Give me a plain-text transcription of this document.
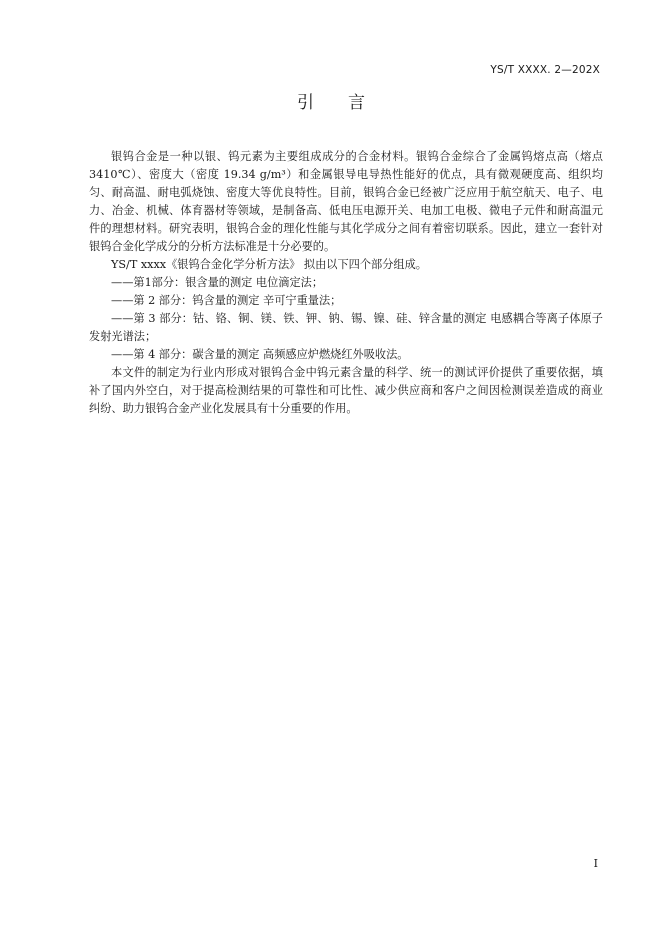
YS/T XXXX. 2—202X
引言

银钨合金是一种以银、钨元素为主要组成成分的合金材料。银钨合金综合了金属钨熔点高（熔点3410℃）、密度大（密度 19.34 g/m³）和金属银导电导热性能好的优点，具有微观硬度高、组织均匀、耐高温、耐电弧烧蚀、密度大等优良特性。目前，银钨合金已经被广泛应用于航空航天、电子、电力、冶金、机械、体育器材等领域，是制备高、低电压电源开关、电加工电极、微电子元件和耐高温元件的理想材料。研究表明，银钨合金的理化性能与其化学成分之间有着密切联系。因此，建立一套针对银钨合金化学成分的分析方法标准是十分必要的。

YS/T xxxx《银钨合金化学分析方法》 拟由以下四个部分组成。

——第1部分：银含量的测定 电位滴定法；

——第 2 部分：钨含量的测定 辛可宁重量法；

——第 3 部分：钴、铬、铜、镁、铁、钾、钠、锡、镍、硅、锌含量的测定 电感耦合等离子体原子发射光谱法；

——第 4 部分：碳含量的测定 高频感应炉燃烧红外吸收法。

本文件的制定为行业内形成对银钨合金中钨元素含量的科学、统一的测试评价提供了重要依据，填补了国内外空白，对于提高检测结果的可靠性和可比性、减少供应商和客户之间因检测误差造成的商业纠纷、助力银钨合金产业化发展具有十分重要的作用。

I
